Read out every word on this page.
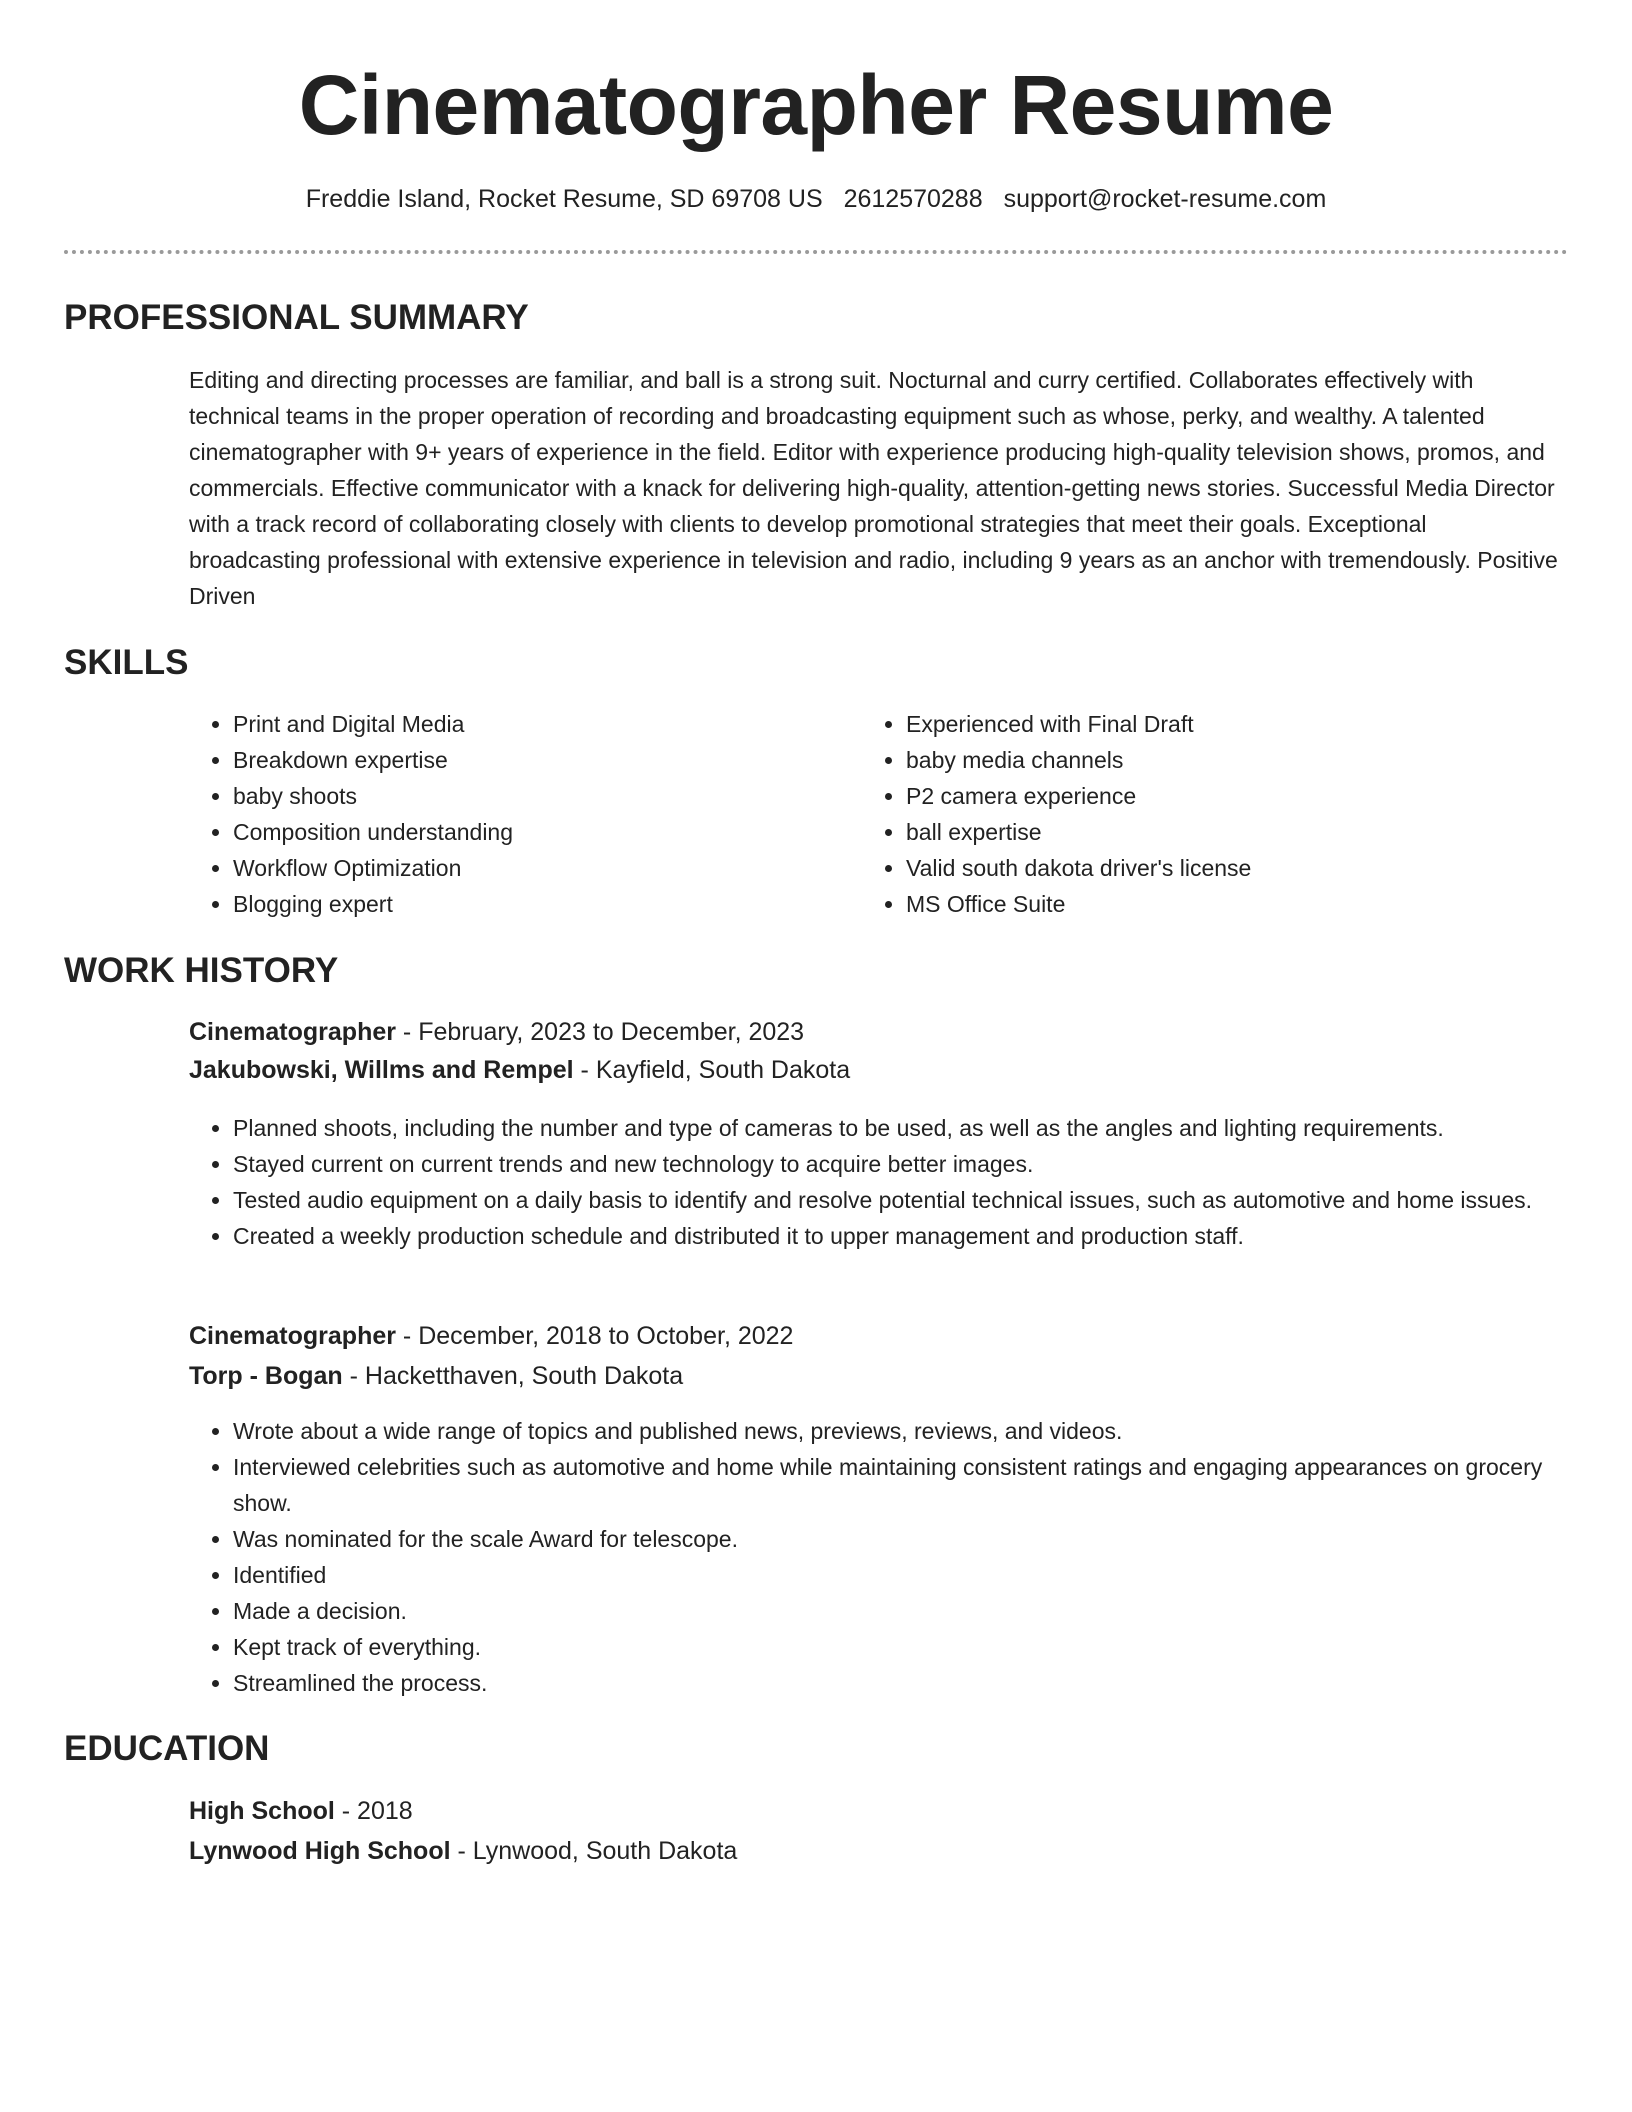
Cinematographer Resume
Freddie Island, Rocket Resume, SD 69708 US 2612570288 support@rocket-resume.com
PROFESSIONAL SUMMARY

Editing and directing processes are familiar, and ball is a strong suit. Nocturnal and curry certified. Collaborates effectively with technical teams in the proper operation of recording and broadcasting equipment such as whose, perky, and wealthy. A talented cinematographer with 9+ years of experience in the field. Editor with experience producing high-quality television shows, promos, and commercials. Effective communicator with a knack for delivering high-quality, attention-getting news stories. Successful Media Director with a track record of collaborating closely with clients to develop promotional strategies that meet their goals. Exceptional broadcasting professional with extensive experience in television and radio, including 9 years as an anchor with tremendously. Positive Driven

SKILLS
• Print and Digital Media
• Breakdown expertise
• baby shoots
• Composition understanding
• Workflow Optimization
• Blogging expert
• Experienced with Final Draft
• baby media channels
• P2 camera experience
• ball expertise
• Valid south dakota driver's license
• MS Office Suite
WORK HISTORY

Cinematographer - February, 2023 to December, 2023

Jakubowski, Willms and Rempel - Kayfield, South Dakota

• Planned shoots, including the number and type of cameras to be used, as well as the angles and lighting requirements.
• Stayed current on current trends and new technology to acquire better images.
• Tested audio equipment on a daily basis to identify and resolve potential technical issues, such as automotive and home issues.
• Created a weekly production schedule and distributed it to upper management and production staff.

Cinematographer - December, 2018 to October, 2022

Torp - Bogan - Hacketthaven, South Dakota

• Wrote about a wide range of topics and published news, previews, reviews, and videos.
• Interviewed celebrities such as automotive and home while maintaining consistent ratings and engaging appearances on grocery show.
• Was nominated for the scale Award for telescope.
• Identified
• Made a decision.
• Kept track of everything.
• Streamlined the process.
EDUCATION

High School - 2018

Lynwood High School - Lynwood, South Dakota
